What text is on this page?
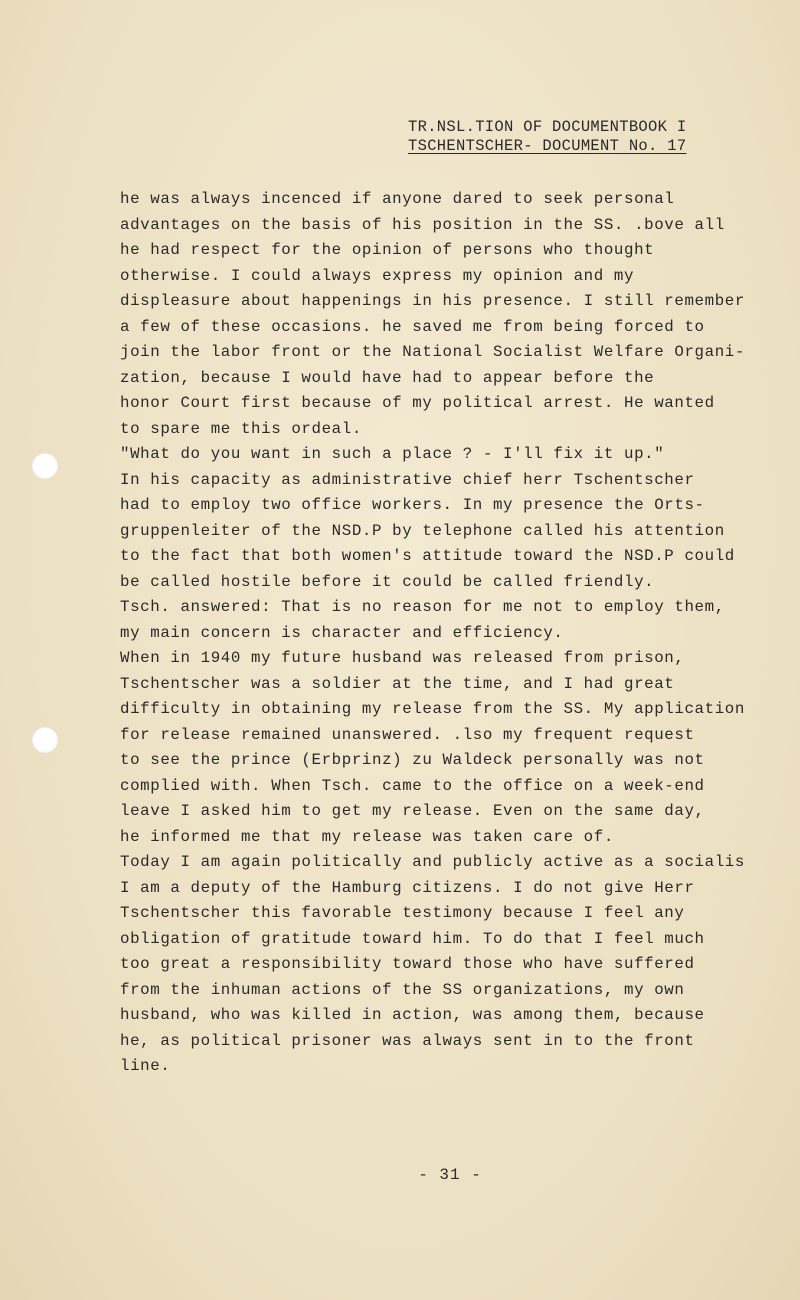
TR.NSL.TION OF DOCUMENTBOOK I
TSCHENTSCHER- DOCUMENT No. 17
he was always incenced if anyone dared to seek personal
advantages on the basis of his position in the SS. .bove all
he had respect for the opinion of persons who thought
otherwise. I could always express my opinion and my
displeasure about happenings in his presence. I still remember
a few of these occasions. he saved me from being forced to
join the labor front or the National Socialist Welfare Organi-
zation, because I would have had to appear before the
honor Court first because of my political arrest. He wanted
to spare me this ordeal.
"What do you want in such a place ? - I'll fix it up."
In his capacity as administrative chief herr Tschentscher
had to employ two office workers. In my presence the Orts-
gruppenleiter of the NSD.P by telephone called his attention
to the fact that both women's attitude toward the NSD.P could
be called hostile before it could be called friendly.
Tsch. answered: That is no reason for me not to employ them,
my main concern is character and efficiency.
When in 1940 my future husband was released from prison,
Tschentscher was a soldier at the time, and I had great
difficulty in obtaining my release from the SS. My application
for release remained unanswered. .lso my frequent request
to see the prince (Erbprinz) zu Waldeck personally was not
complied with. When Tsch. came to the office on a week-end
leave I asked him to get my release. Even on the same day,
he informed me that my release was taken care of.
Today I am again politically and publicly active as a socialis
I am a deputy of the Hamburg citizens. I do not give Herr
Tschentscher this favorable testimony because I feel any
obligation of gratitude toward him. To do that I feel much
too great a responsibility toward those who have suffered
from the inhuman actions of the SS organizations, my own
husband, who was killed in action, was among them, because
he, as political prisoner was always sent in to the front
line.
- 31 -
